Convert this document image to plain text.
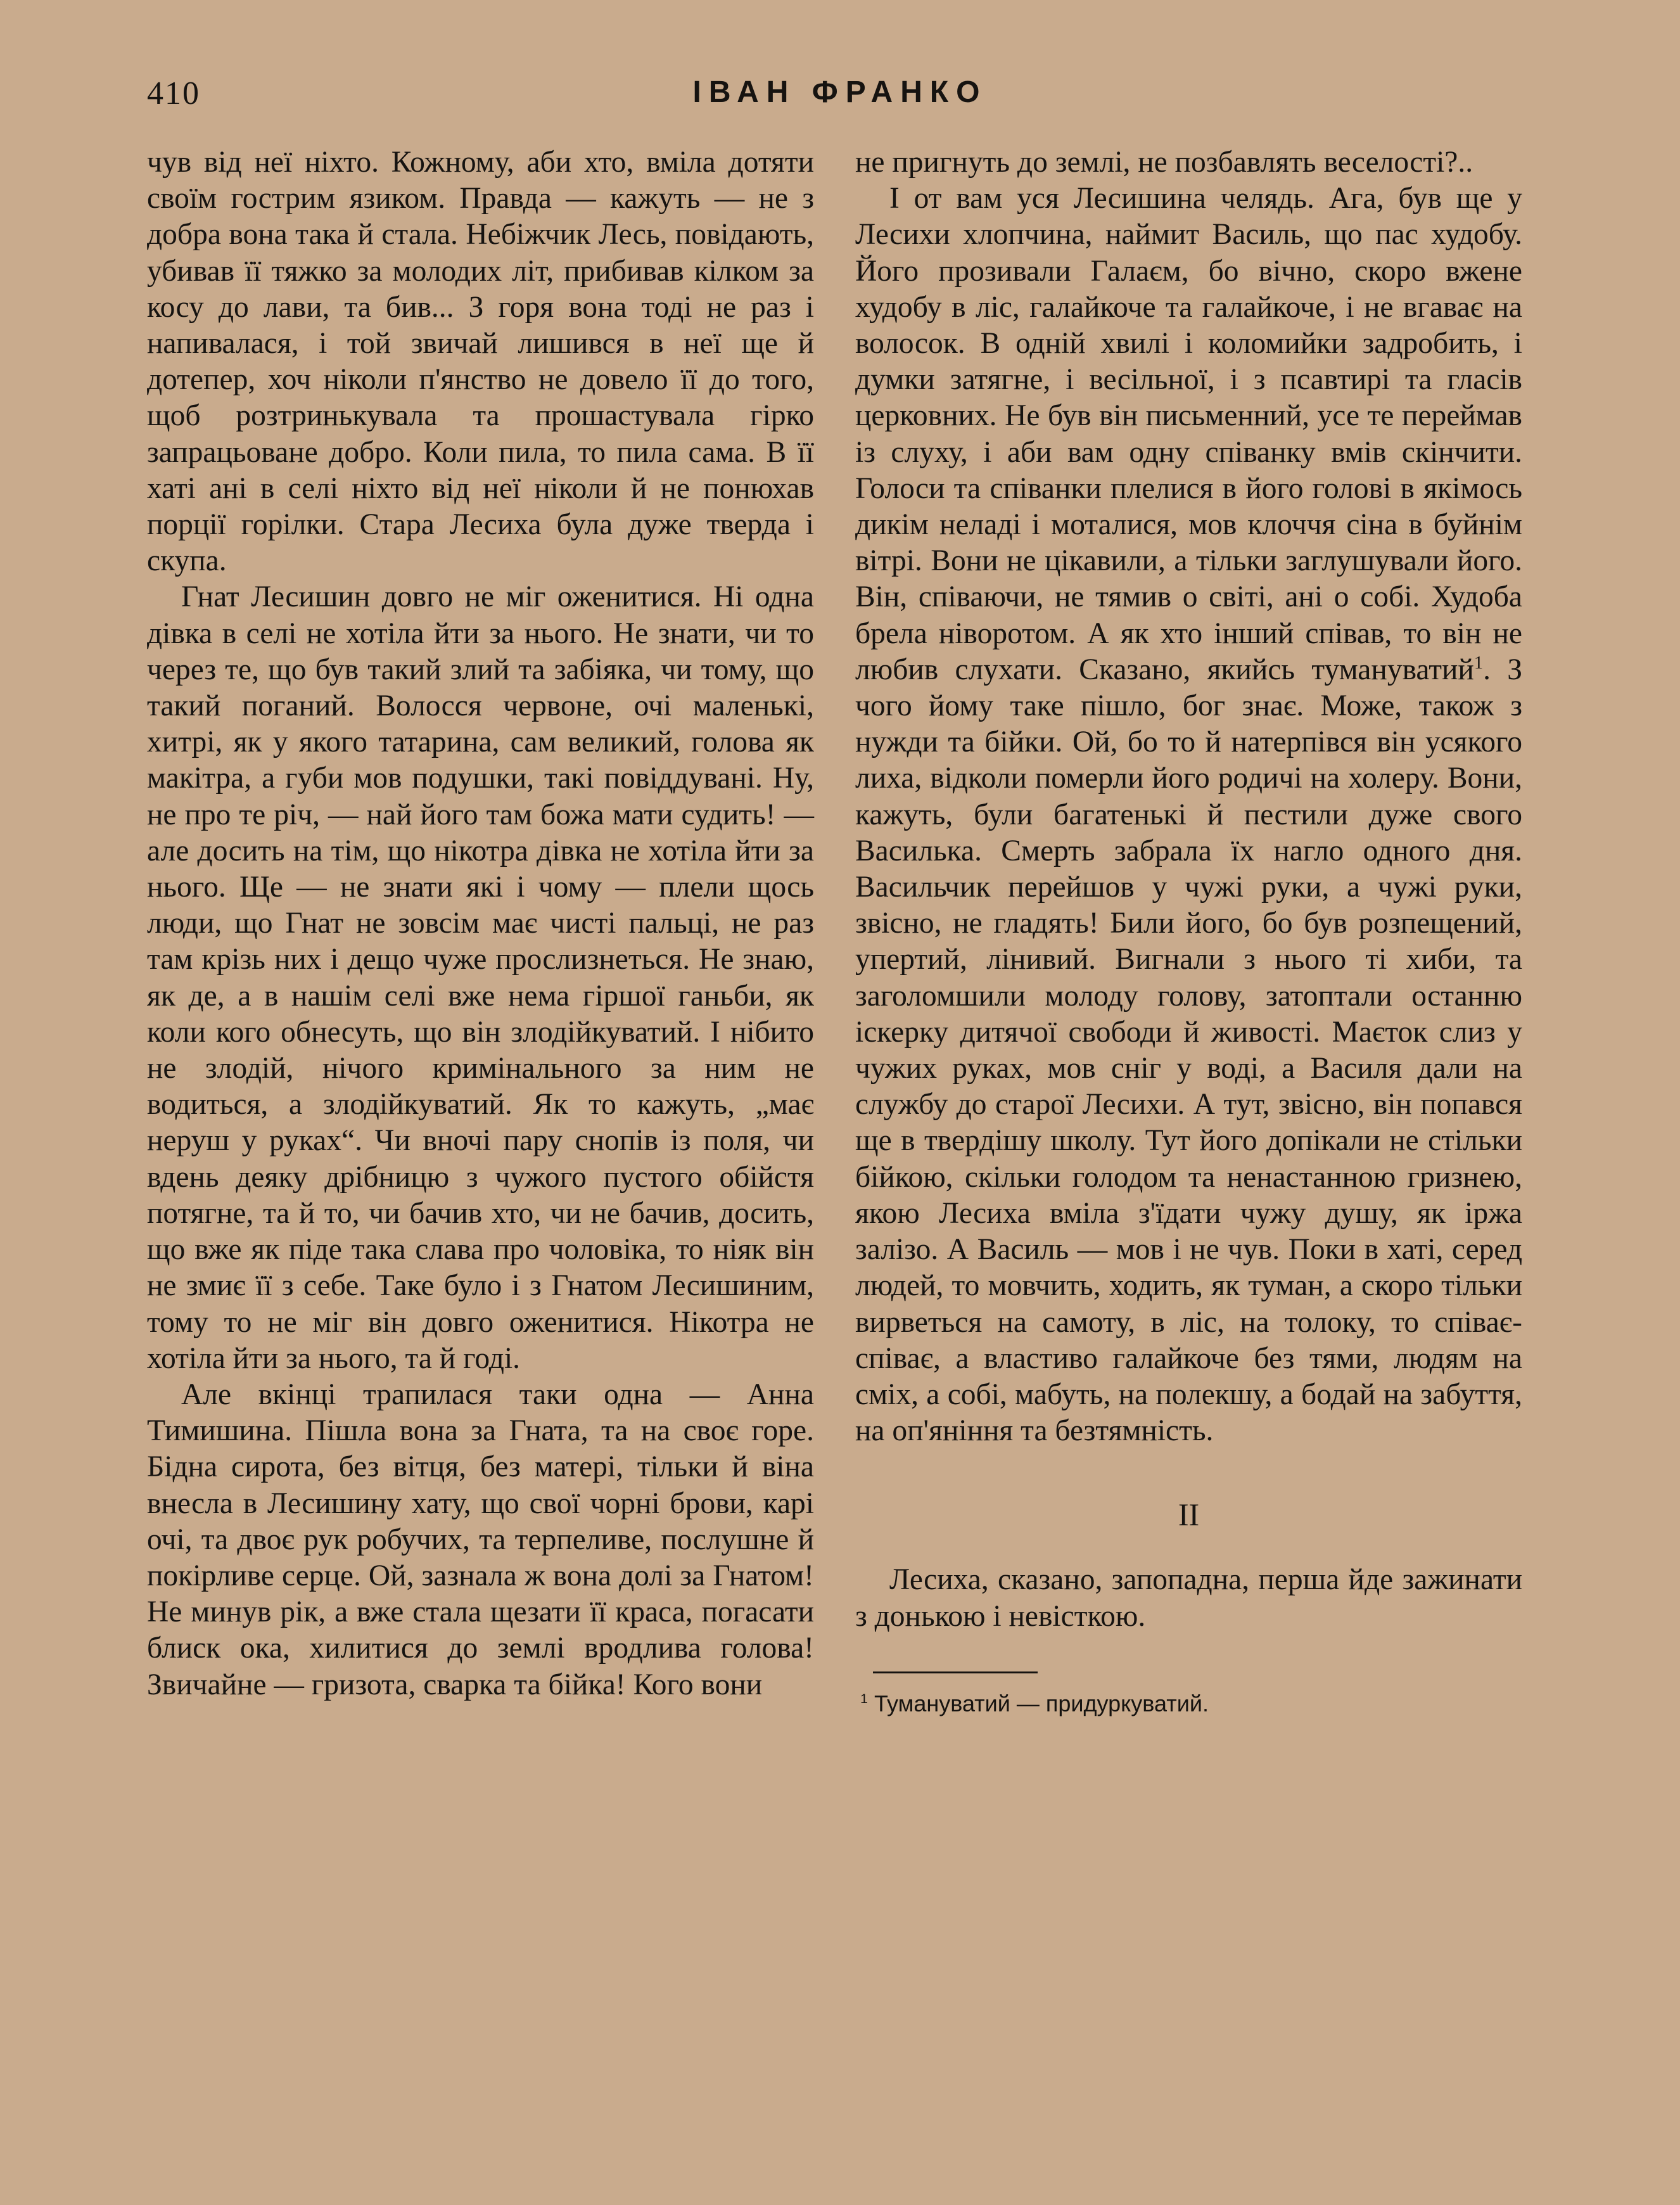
410	ІВАН ФРАНКО

чув від неї ніхто. Кожному, аби хто, вміла дотяти своїм гострим язиком. Правда — кажуть — не з добра вона така й стала. Небіжчик Лесь, повідають, убивав її тяжко за молодих літ, прибивав кілком за косу до лави, та бив... З горя вона тоді не раз і напивалася, і той звичай лишився в неї ще й дотепер, хоч ніколи п'янство не довело її до того, щоб розтринькувала та прошастувала гірко запрацьоване добро. Коли пила, то пила сама. В її хаті ані в селі ніхто від неї ніколи й не понюхав порції горілки. Стара Лесиха була дуже тверда і скупа.

Гнат Лесишин довго не міг оженитися. Ні одна дівка в селі не хотіла йти за нього. Не знати, чи то через те, що був такий злий та забіяка, чи тому, що такий поганий. Волосся червоне, очі маленькі, хитрі, як у якого татарина, сам великий, голова як макітра, а губи мов подушки, такі повіддувані. Ну, не про те річ, — най його там божа мати судить! — але досить на тім, що нікотра дівка не хотіла йти за нього. Ще — не знати які і чому — плели щось люди, що Гнат не зовсім має чисті пальці, не раз там крізь них і дещо чуже прослизнеться. Не знаю, як де, а в нашім селі вже нема гіршої ганьби, як коли кого обнесуть, що він злодійкуватий. І нібито не злодій, нічого кримінального за ним не водиться, а злодійкуватий. Як то кажуть, „має неруш у руках“. Чи вночі пару снопів із поля, чи вдень деяку дрібницю з чужого пустого обійстя потягне, та й то, чи бачив хто, чи не бачив, досить, що вже як піде така слава про чоловіка, то ніяк він не змиє її з себе. Таке було і з Гнатом Лесишиним, тому то не міг він довго оженитися. Нікотра не хотіла йти за нього, та й годі.

Але вкінці трапилася таки одна — Анна Тимишина. Пішла вона за Гната, та на своє горе. Бідна сирота, без вітця, без матері, тільки й віна внесла в Лесишину хату, що свої чорні брови, карі очі, та двоє рук робучих, та терпеливе, послушне й покірливе серце. Ой, зазнала ж вона долі за Гнатом! Не минув рік, а вже стала щезати її краса, погасати блиск ока, хилитися до землі вродлива голова! Звичайне — гризота, сварка та бійка! Кого вони

не пригнуть до землі, не позбавлять веселості?..

І от вам уся Лесишина челядь. Ага, був ще у Лесихи хлопчина, наймит Василь, що пас худобу. Його прозивали Галаєм, бо вічно, скоро вжене худобу в ліс, галайкоче та галайкоче, і не вгаває на волосок. В одній хвилі і коломийки задробить, і думки затягне, і весільної, і з псавтирі та гласів церковних. Не був він письменний, усе те переймав із слуху, і аби вам одну співанку вмів скінчити. Голоси та співанки плелися в його голові в якімось дикім неладі і моталися, мов клоччя сіна в буйнім вітрі. Вони не цікавили, а тільки заглушували його. Він, співаючи, не тямив о світі, ані о собі. Худоба брела ніворотом. А як хто інший співав, то він не любив слухати. Сказано, якийсь тумануватий$^1$. З чого йому таке пішло, бог знає. Може, також з нужди та бійки. Ой, бо то й натерпівся він усякого лиха, відколи померли його родичі на холеру. Вони, кажуть, були багатенькі й пестили дуже свого Василька. Смерть забрала їх нагло одного дня. Васильчик перейшов у чужі руки, а чужі руки, звісно, не гладять! Били його, бо був розпещений, упертий, лінивий. Вигнали з нього ті хиби, та заголомшили молоду голову, затоптали останню іскерку дитячої свободи й живості. Маєток слиз у чужих руках, мов сніг у воді, а Василя дали на службу до старої Лесихи. А тут, звісно, він попався ще в твердішу школу. Тут його допікали не стільки бійкою, скільки голодом та ненастанною гризнею, якою Лесиха вміла з'їдати чужу душу, як іржа залізо. А Василь — мов і не чув. Поки в хаті, серед людей, то мовчить, ходить, як туман, а скоро тільки вирветься на самоту, в ліс, на толоку, то співає-співає, а властиво галайкоче без тями, людям на сміх, а собі, мабуть, на полекшу, а бодай на забуття, на оп'яніння та безтямність.

II

Лесиха, сказано, запопадна, перша йде зажинати з донькою і невісткою.

$^1$ Тумануватий — придуркуватий.
